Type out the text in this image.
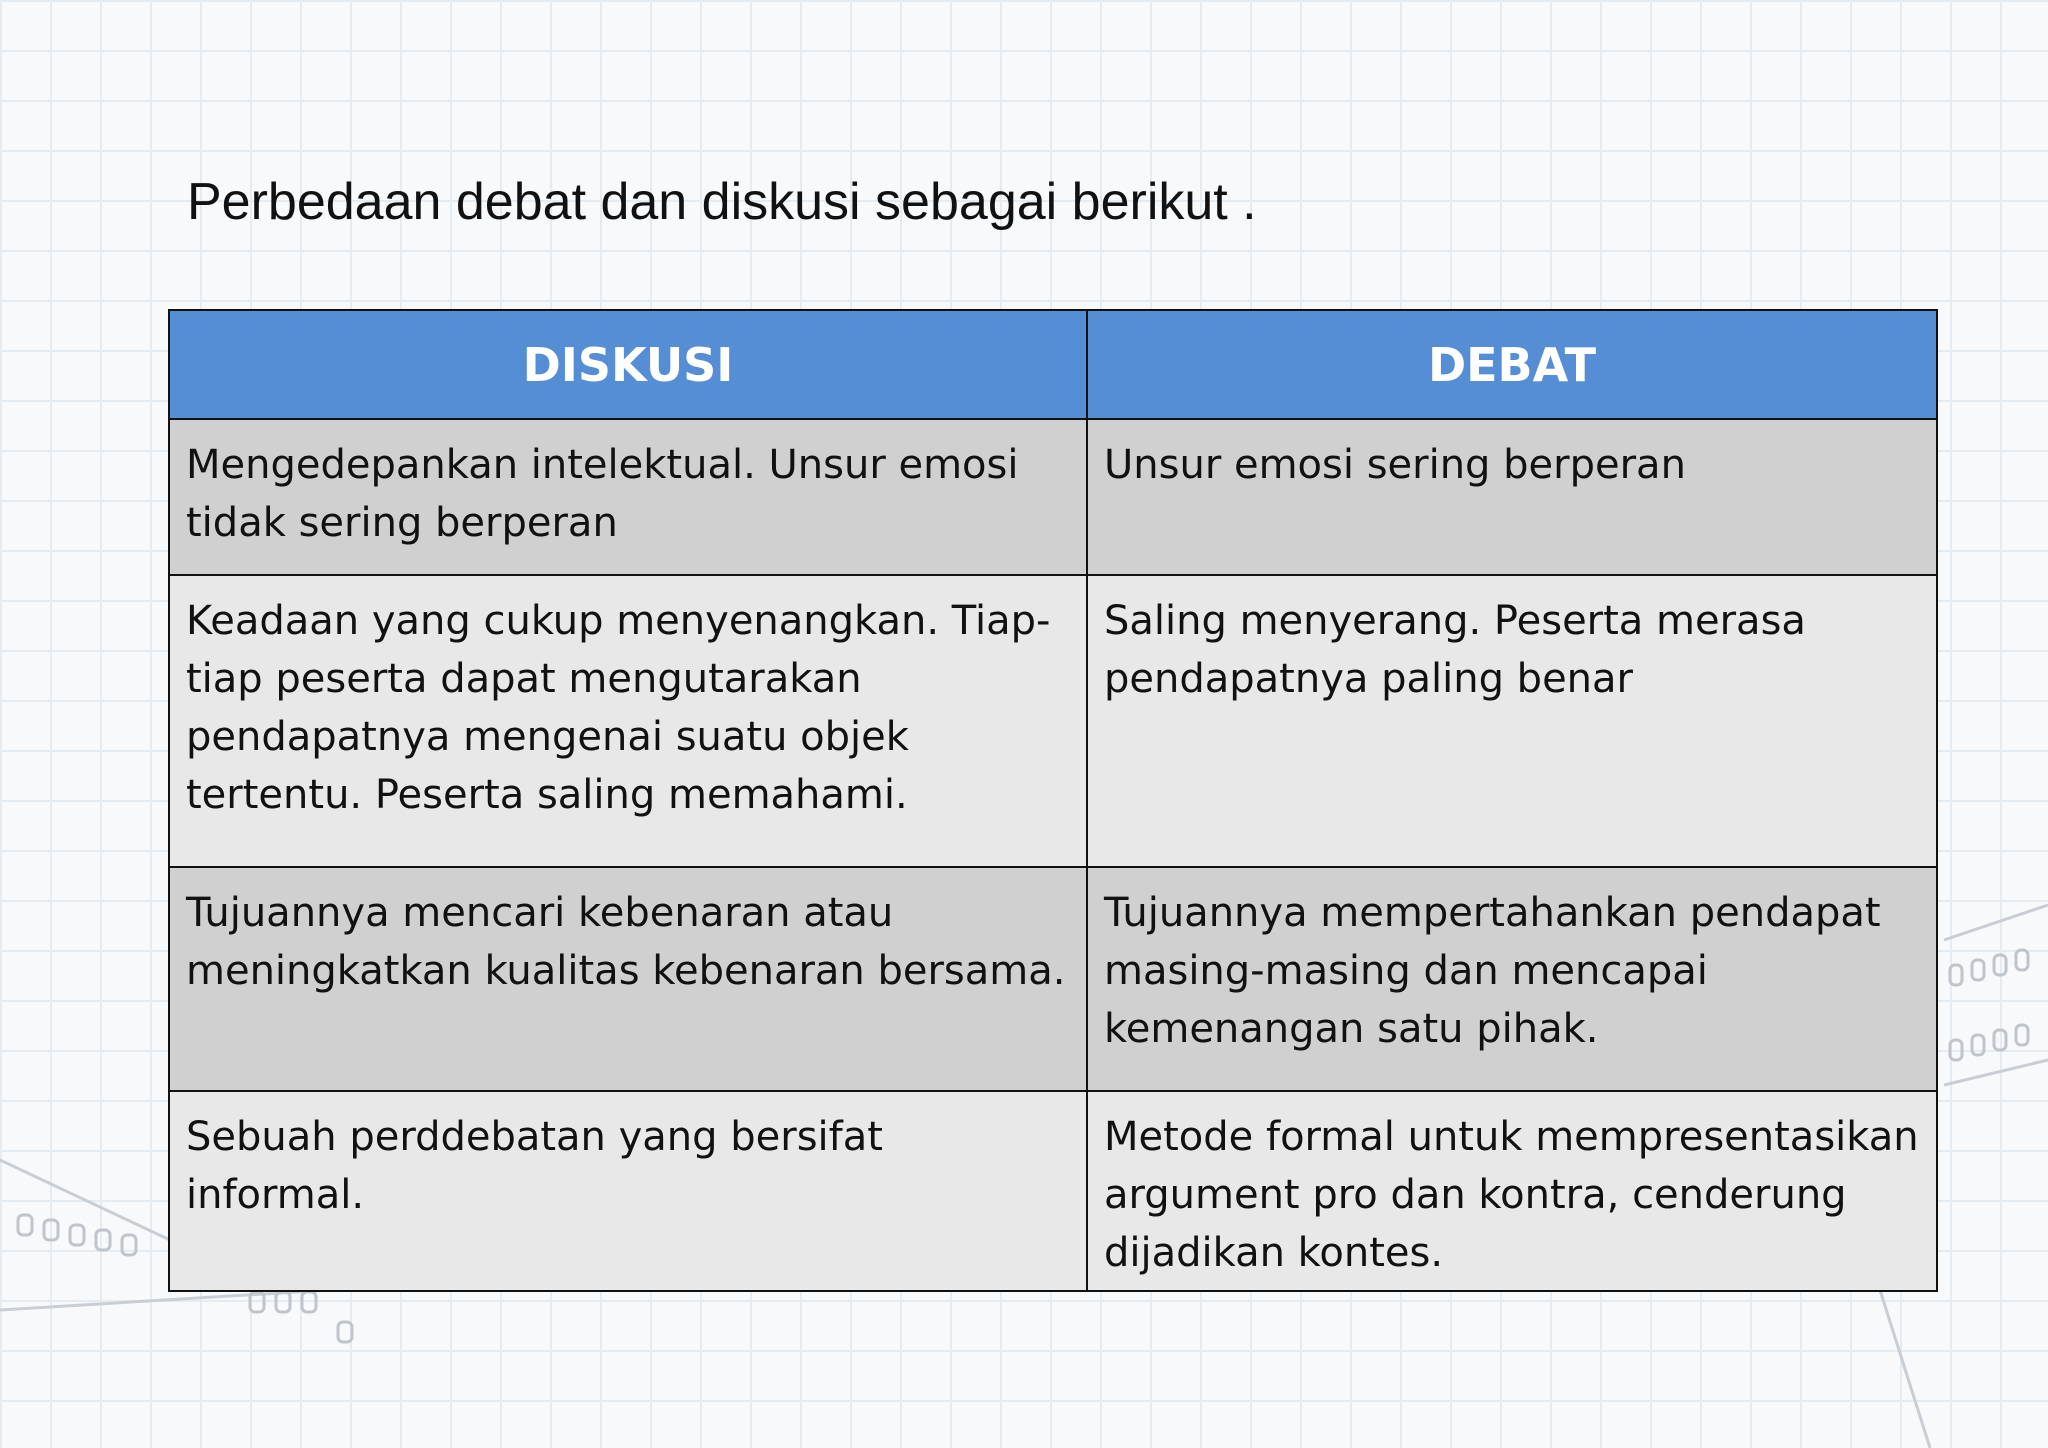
Perbedaan debat dan diskusi sebagai berikut .
DISKUSI	DEBAT
Mengedepankan intelektual. Unsur emosi tidak sering berperan	Unsur emosi sering berperan
Keadaan yang cukup menyenangkan. Tiap-tiap peserta dapat mengutarakan pendapatnya mengenai suatu objek tertentu. Peserta saling memahami.	Saling menyerang. Peserta merasa pendapatnya paling benar
Tujuannya mencari kebenaran atau meningkatkan kualitas kebenaran bersama.	Tujuannya mempertahankan pendapat masing-masing dan mencapai kemenangan satu pihak.
Sebuah perddebatan yang bersifat informal.	Metode formal untuk mempresentasikan argument pro dan kontra, cenderung dijadikan kontes.
